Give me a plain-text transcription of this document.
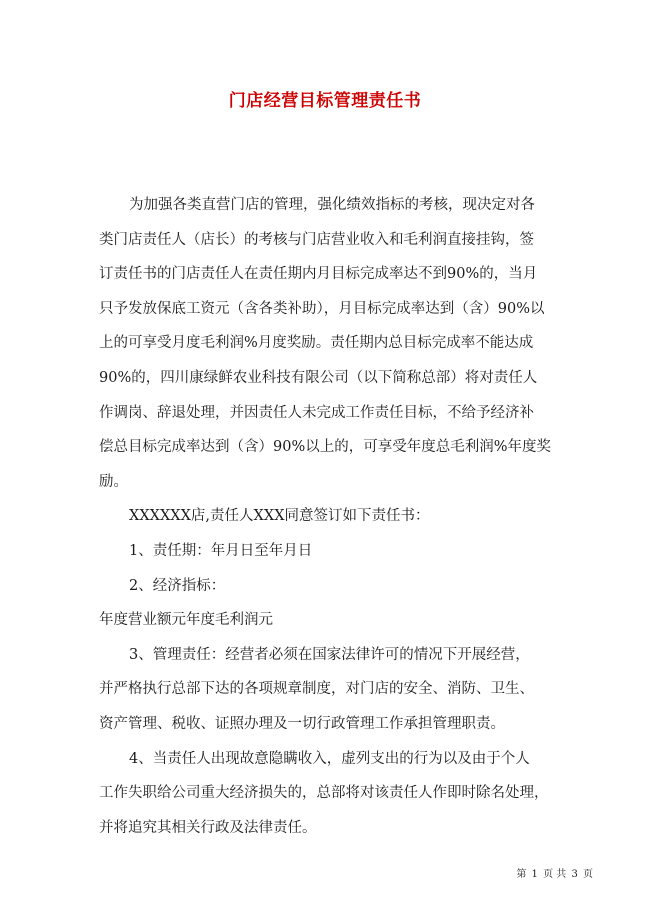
门店经营目标管理责任书
为加强各类直营门店的管理，强化绩效指标的考核，现决定对各
类门店责任人（店长）的考核与门店营业收入和毛利润直接挂钩，签
订责任书的门店责任人在责任期内月目标完成率达不到90%的，当月
只予发放保底工资元（含各类补助），月目标完成率达到（含）90%以
上的可享受月度毛利润%月度奖励。责任期内总目标完成率不能达成
90%的，四川康绿鲜农业科技有限公司（以下简称总部）将对责任人
作调岗、辞退处理，并因责任人未完成工作责任目标，不给予经济补
偿总目标完成率达到（含）90%以上的，可享受年度总毛利润%年度奖
励。
XXXXXX店,责任人XXX同意签订如下责任书：
1、责任期：年月日至年月日
2、经济指标：
年度营业额元年度毛利润元
3、管理责任：经营者必须在国家法律许可的情况下开展经营，
并严格执行总部下达的各项规章制度，对门店的安全、消防、卫生、
资产管理、税收、证照办理及一切行政管理工作承担管理职责。
4、当责任人出现故意隐瞒收入，虚列支出的行为以及由于个人
工作失职给公司重大经济损失的，总部将对该责任人作即时除名处理，
并将追究其相关行政及法律责任。
第 1 页 共 3 页
